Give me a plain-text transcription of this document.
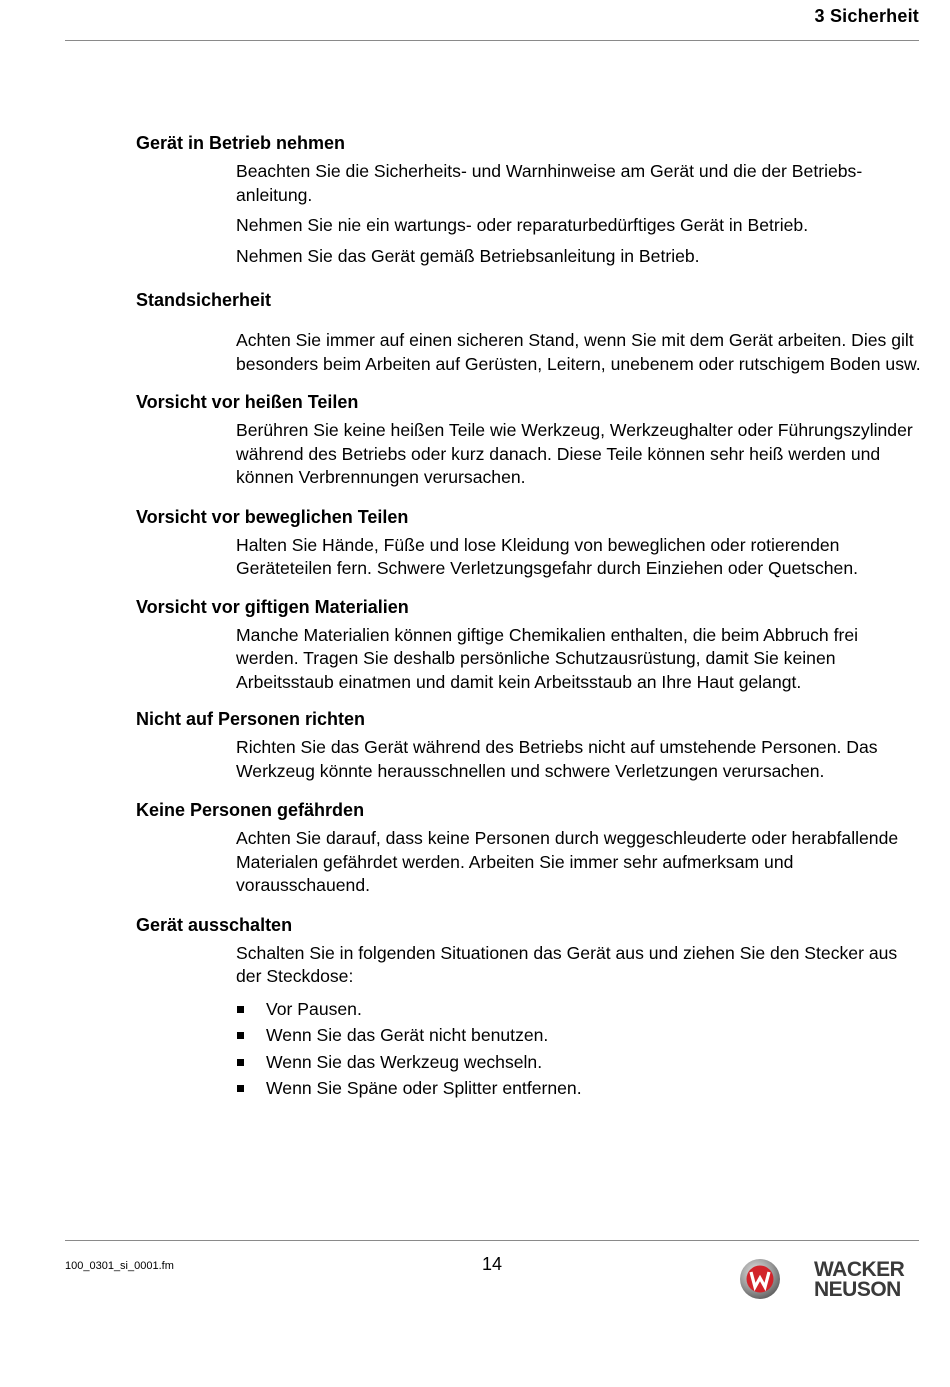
3 Sicherheit
Gerät in Betrieb nehmen

Beachten Sie die Sicherheits- und Warnhinweise am Gerät und die der Betriebsanleitung.

Nehmen Sie nie ein wartungs- oder reparaturbedürftiges Gerät in Betrieb.

Nehmen Sie das Gerät gemäß Betriebsanleitung in Betrieb.

Standsicherheit

Achten Sie immer auf einen sicheren Stand, wenn Sie mit dem Gerät arbeiten. Dies gilt besonders beim Arbeiten auf Gerüsten, Leitern, unebenem oder rutschigem Boden usw.

Vorsicht vor heißen Teilen

Berühren Sie keine heißen Teile wie Werkzeug, Werkzeughalter oder Führungszylinder während des Betriebs oder kurz danach. Diese Teile können sehr heiß werden und können Verbrennungen verursachen.

Vorsicht vor beweglichen Teilen

Halten Sie Hände, Füße und lose Kleidung von beweglichen oder rotierenden Geräteteilen fern. Schwere Verletzungsgefahr durch Einziehen oder Quetschen.

Vorsicht vor giftigen Materialien

Manche Materialien können giftige Chemikalien enthalten, die beim Abbruch frei werden. Tragen Sie deshalb persönliche Schutzausrüstung, damit Sie keinen Arbeitsstaub einatmen und damit kein Arbeitsstaub an Ihre Haut gelangt.

Nicht auf Personen richten

Richten Sie das Gerät während des Betriebs nicht auf umstehende Personen. Das Werkzeug könnte herausschnellen und schwere Verletzungen verursachen.

Keine Personen gefährden

Achten Sie darauf, dass keine Personen durch weggeschleuderte oder herabfallende Materialen gefährdet werden. Arbeiten Sie immer sehr aufmerksam und vorausschauend.

Gerät ausschalten

Schalten Sie in folgenden Situationen das Gerät aus und ziehen Sie den Stecker aus der Steckdose:

Vor Pausen.
Wenn Sie das Gerät nicht benutzen.
Wenn Sie das Werkzeug wechseln.
Wenn Sie Späne oder Splitter entfernen.
100_0301_si_0001.fm	14	WACKER
NEUSON
